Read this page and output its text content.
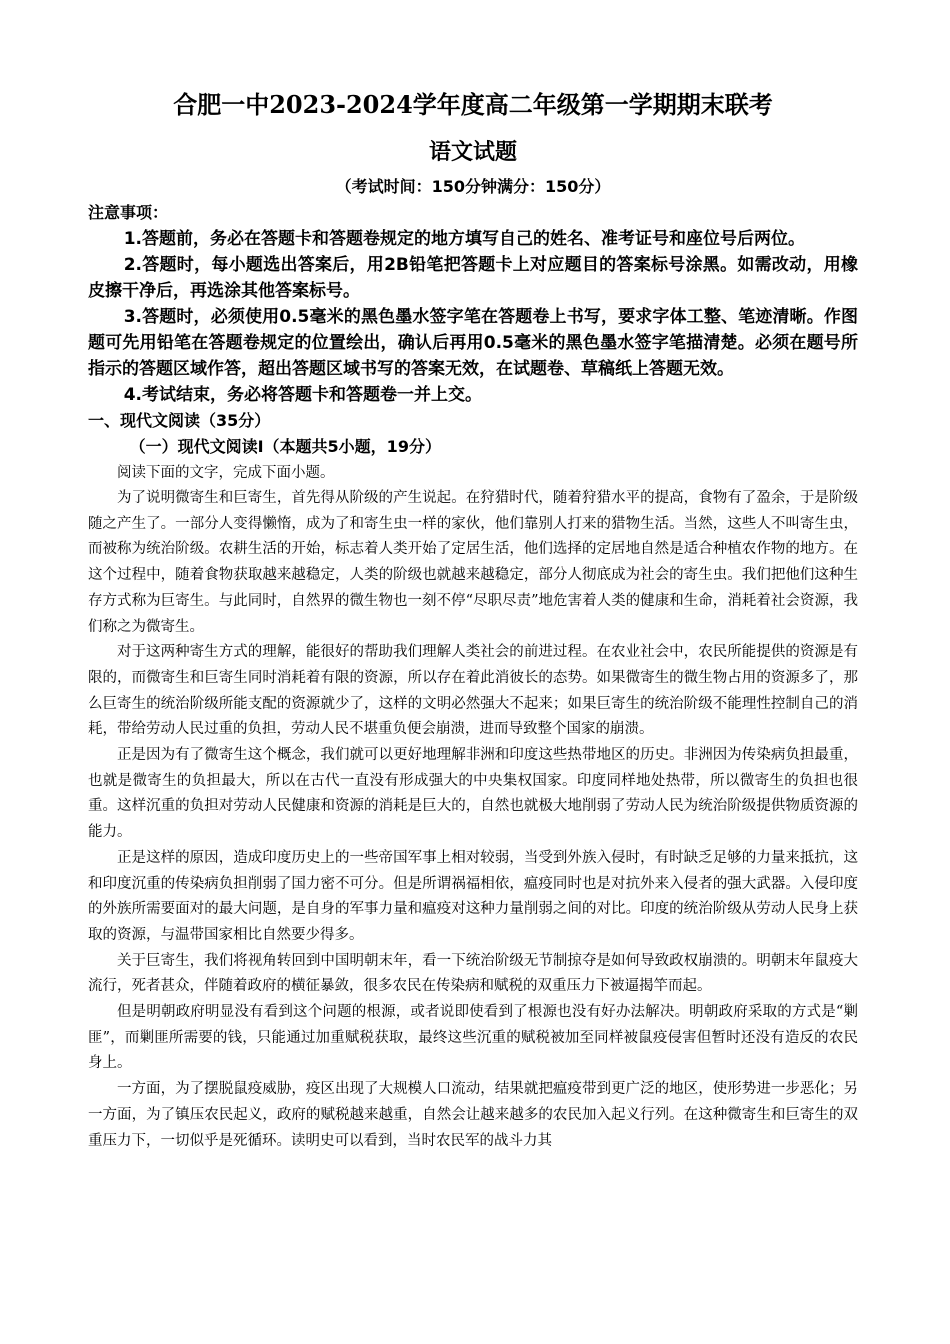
合肥一中2023-2024学年度高二年级第一学期期末联考
语文试题

（考试时间：150分钟满分：150分）

注意事项：

1.答题前，务必在答题卡和答题卷规定的地方填写自己的姓名、准考证号和座位号后两位。

2.答题时，每小题选出答案后，用2B铅笔把答题卡上对应题目的答案标号涂黑。如需改动，用橡皮擦干净后，再选涂其他答案标号。

3.答题时，必须使用0.5毫米的黑色墨水签字笔在答题卷上书写，要求字体工整、笔迹清晰。作图题可先用铅笔在答题卷规定的位置绘出，确认后再用0.5毫米的黑色墨水签字笔描清楚。必须在题号所指示的答题区域作答，超出答题区域书写的答案无效，在试题卷、草稿纸上答题无效。

4.考试结束，务必将答题卡和答题卷一并上交。

一、现代文阅读（35分）

（一）现代文阅读Ⅰ（本题共5小题，19分）

阅读下面的文字，完成下面小题。

为了说明微寄生和巨寄生，首先得从阶级的产生说起。在狩猎时代，随着狩猎水平的提高，食物有了盈余，于是阶级随之产生了。一部分人变得懒惰，成为了和寄生虫一样的家伙，他们靠别人打来的猎物生活。当然，这些人不叫寄生虫，而被称为统治阶级。农耕生活的开始，标志着人类开始了定居生活，他们选择的定居地自然是适合种植农作物的地方。在这个过程中，随着食物获取越来越稳定，人类的阶级也就越来越稳定，部分人彻底成为社会的寄生虫。我们把他们这种生存方式称为巨寄生。与此同时，自然界的微生物也一刻不停“尽职尽责”地危害着人类的健康和生命，消耗着社会资源，我们称之为微寄生。

对于这两种寄生方式的理解，能很好的帮助我们理解人类社会的前进过程。在农业社会中，农民所能提供的资源是有限的，而微寄生和巨寄生同时消耗着有限的资源，所以存在着此消彼长的态势。如果微寄生的微生物占用的资源多了，那么巨寄生的统治阶级所能支配的资源就少了，这样的文明必然强大不起来；如果巨寄生的统治阶级不能理性控制自己的消耗，带给劳动人民过重的负担，劳动人民不堪重负便会崩溃，进而导致整个国家的崩溃。

正是因为有了微寄生这个概念，我们就可以更好地理解非洲和印度这些热带地区的历史。非洲因为传染病负担最重，也就是微寄生的负担最大，所以在古代一直没有形成强大的中央集权国家。印度同样地处热带，所以微寄生的负担也很重。这样沉重的负担对劳动人民健康和资源的消耗是巨大的，自然也就极大地削弱了劳动人民为统治阶级提供物质资源的能力。

正是这样的原因，造成印度历史上的一些帝国军事上相对较弱，当受到外族入侵时，有时缺乏足够的力量来抵抗，这和印度沉重的传染病负担削弱了国力密不可分。但是所谓祸福相依，瘟疫同时也是对抗外来入侵者的强大武器。入侵印度的外族所需要面对的最大问题，是自身的军事力量和瘟疫对这种力量削弱之间的对比。印度的统治阶级从劳动人民身上获取的资源，与温带国家相比自然要少得多。

关于巨寄生，我们将视角转回到中国明朝末年，看一下统治阶级无节制掠夺是如何导致政权崩溃的。明朝末年鼠疫大流行，死者甚众，伴随着政府的横征暴敛，很多农民在传染病和赋税的双重压力下被逼揭竿而起。

但是明朝政府明显没有看到这个问题的根源，或者说即使看到了根源也没有好办法解决。明朝政府采取的方式是“剿匪”，而剿匪所需要的钱，只能通过加重赋税获取，最终这些沉重的赋税被加至同样被鼠疫侵害但暂时还没有造反的农民身上。

一方面，为了摆脱鼠疫威胁，疫区出现了大规模人口流动，结果就把瘟疫带到更广泛的地区，使形势进一步恶化；另一方面，为了镇压农民起义，政府的赋税越来越重，自然会让越来越多的农民加入起义行列。在这种微寄生和巨寄生的双重压力下，一切似乎是死循环。读明史可以看到，当时农民军的战斗力其
